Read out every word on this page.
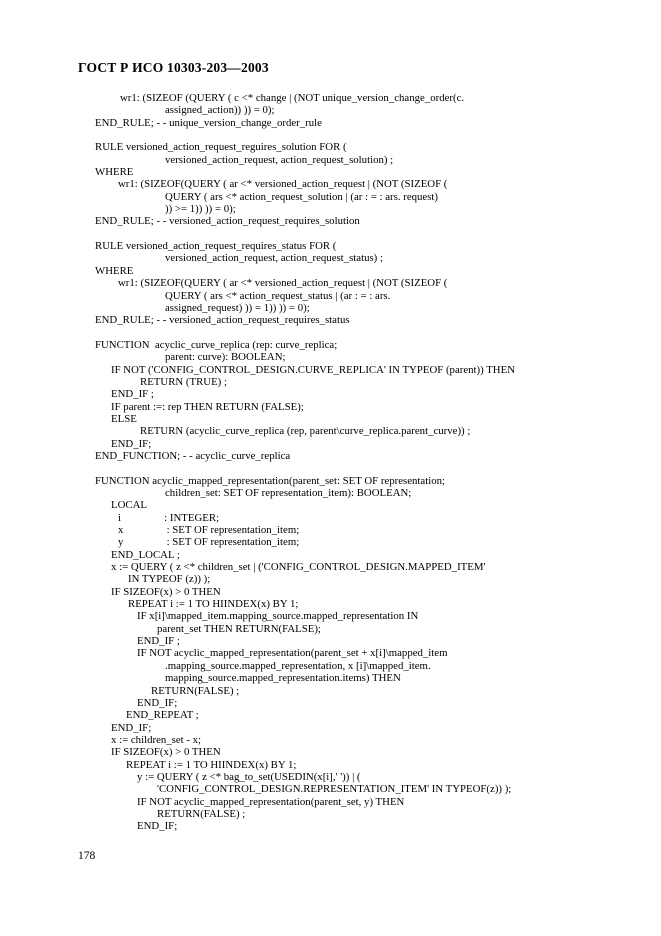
ГОСТ Р ИСО 10303-203—2003
wr1: (SIZEOF (QUERY ( c <* change | (NOT unique_version_change_order(c.
assigned_action)) )) = 0);
END_RULE; - - unique_version_change_order_rule
RULE versioned_action_request_reguires_solution FOR (
versioned_action_request, action_request_solution) ;
WHERE
wr1: (SIZEOF(QUERY ( ar <* versioned_action_request | (NOT (SIZEOF (
QUERY ( ars <* action_request_solution | (ar : = : ars. request)
)) >= 1)) )) = 0);
END_RULE; - - versioned_action_request_requires_solution
RULE versioned_action_request_requires_status FOR (
versioned_action_request, action_request_status) ;
WHERE
wr1: (SIZEOF(QUERY ( ar <* versioned_action_request | (NOT (SIZEOF (
QUERY ( ars <* action_request_status | (ar : = : ars.
assigned_request) )) = 1)) )) = 0);
END_RULE; - - versioned_action_request_requires_status
FUNCTION  acyclic_curve_replica (rep: curve_replica;
parent: curve): BOOLEAN;
IF NOT ('CONFIG_CONTROL_DESIGN.CURVE_REPLICA' IN TYPEOF (parent)) THEN
RETURN (TRUE) ;
END_IF ;
IF parent :=: rep THEN RETURN (FALSE);
ELSE
RETURN (acyclic_curve_replica (rep, parent\curve_replica.parent_curve)) ;
END_IF;
END_FUNCTION; - - acyclic_curve_replica
FUNCTION acyclic_mapped_representation(parent_set: SET OF representation;
children_set: SET OF representation_item): BOOLEAN;
LOCAL
i                : INTEGER;
x                : SET OF representation_item;
y                : SET OF representation_item;
END_LOCAL ;
x := QUERY ( z <* children_set | ('CONFIG_CONTROL_DESIGN.MAPPED_ITEM'
IN TYPEOF (z)) );
IF SIZEOF(x) > 0 THEN
REPEAT i := 1 TO HIINDEX(x) BY 1;
IF x[i]\mapped_item.mapping_source.mapped_representation IN
parent_set THEN RETURN(FALSE);
END_IF ;
IF NOT acyclic_mapped_representation(parent_set + x[i]\mapped_item
.mapping_source.mapped_representation, x [i]\mapped_item.
mapping_source.mapped_representation.items) THEN
RETURN(FALSE) ;
END_IF;
END_REPEAT ;
END_IF;
x := children_set - x;
IF SIZEOF(x) > 0 THEN
REPEAT i := 1 TO HIINDEX(x) BY 1;
y := QUERY ( z <* bag_to_set(USEDIN(x[i],' ')) | (
'CONFIG_CONTROL_DESIGN.REPRESENTATION_ITEM' IN TYPEOF(z)) );
IF NOT acyclic_mapped_representation(parent_set, y) THEN
RETURN(FALSE) ;
END_IF;
178
